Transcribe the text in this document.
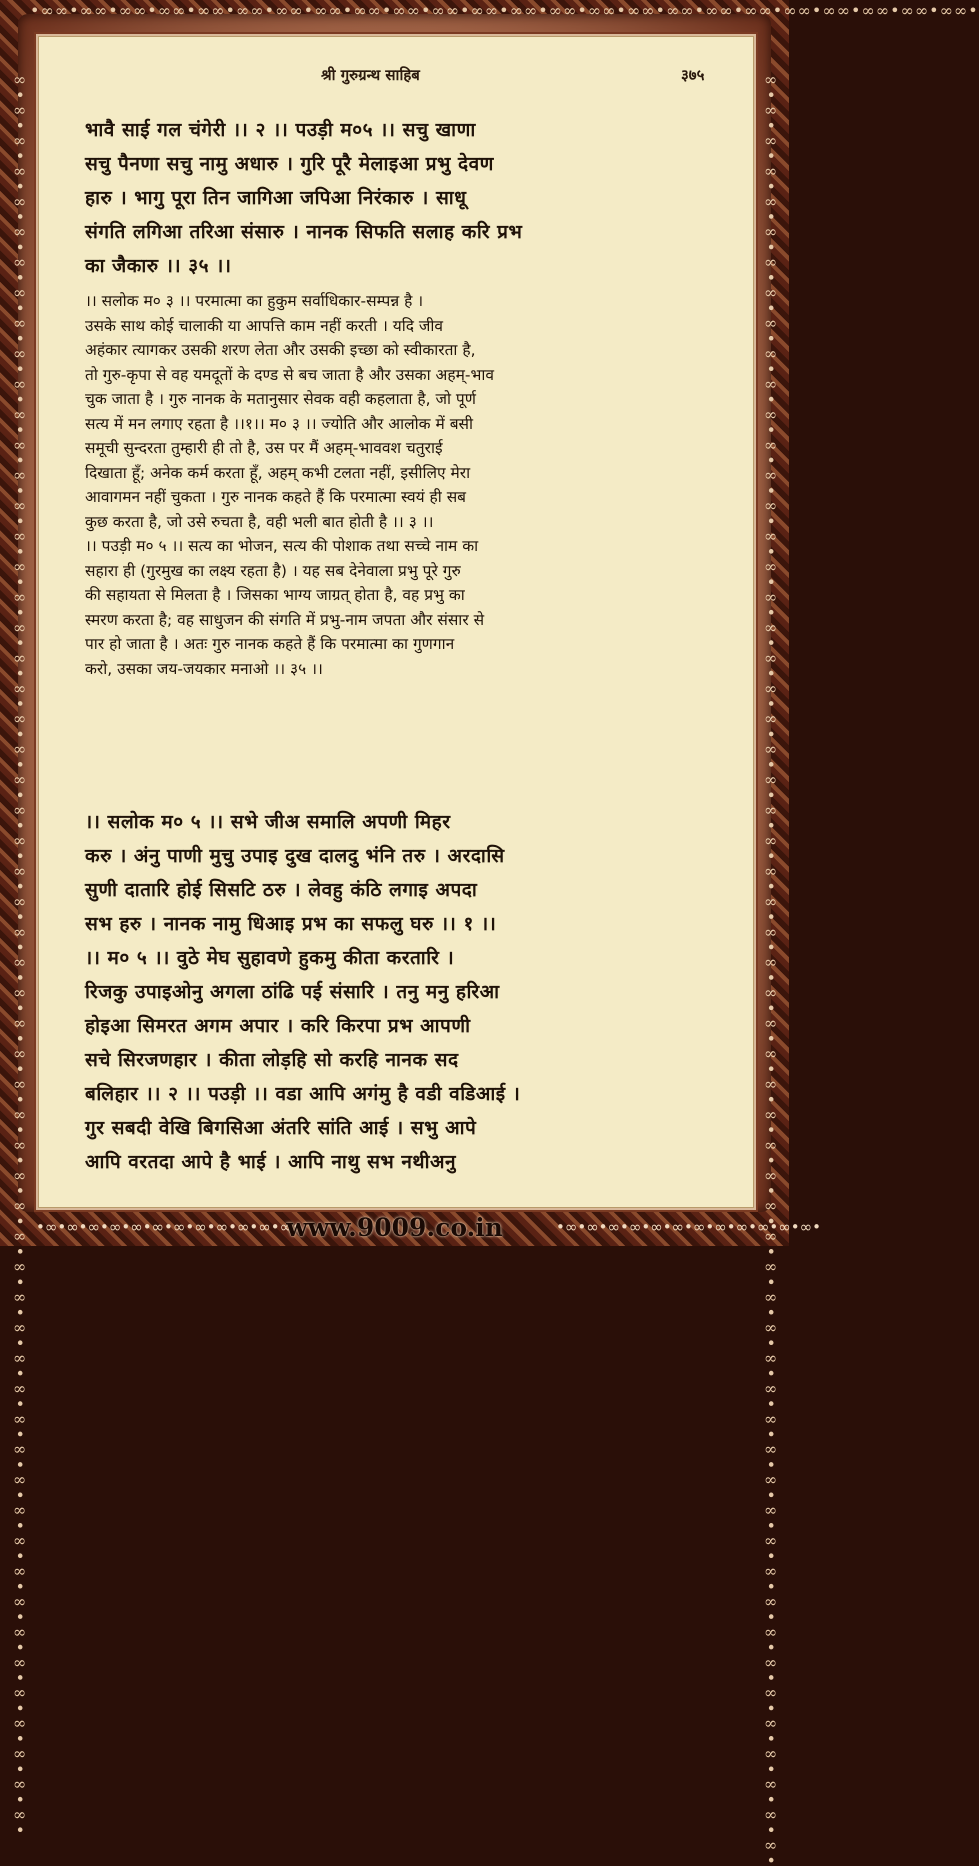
•∞∞•∞∞•∞∞•∞∞•∞∞•∞∞•∞∞•∞∞•∞∞•∞∞•∞∞•∞∞•∞∞•∞∞•∞∞•∞∞•∞∞•∞∞•∞∞•∞∞•∞∞•∞∞•∞∞•∞∞•
∞•∞•∞•∞•∞•∞•∞•∞•∞•∞•∞•∞•∞•∞•∞•∞•∞•∞•∞•∞•∞•∞•∞•∞•∞•∞•∞•∞•∞•∞•∞•∞•∞•∞•∞•∞•∞•∞•∞•∞•∞•∞•∞•∞•∞•∞•∞•∞•∞•∞•∞•∞•∞•∞•∞•∞•∞•∞•	∞•∞•∞•∞•∞•∞•∞•∞•∞•∞•∞•∞•∞•∞•∞•∞•∞•∞•∞•∞•∞•∞•∞•∞•∞•∞•∞•∞•∞•∞•∞•∞•∞•∞•∞•∞•∞•∞•∞•∞•∞•∞•∞•∞•∞•∞•∞•∞•∞•∞•∞•∞•∞•∞•∞•∞•∞•∞•∞•
श्री गुरुग्रन्थ साहिब	३७५

भावै साई गल चंगेरी ।। २ ।। पउड़ी म०५ ।। सचु खाणा

सचु पैनणा सचु नामु अधारु । गुरि पूरै मेलाइआ प्रभु देवण

हारु । भागु पूरा तिन जागिआ जपिआ निरंकारु । साधू

संगति लगिआ तरिआ संसारु । नानक सिफति सलाह करि प्रभ

का जैकारु ।। ३५ ।।

।। सलोक म० ३ ।। परमात्मा का हुकुम सर्वाधिकार-सम्पन्न है ।

उसके साथ कोई चालाकी या आपत्ति काम नहीं करती । यदि जीव

अहंकार त्यागकर उसकी शरण लेता और उसकी इच्छा को स्वीकारता है,

तो गुरु-कृपा से वह यमदूतों के दण्ड से बच जाता है और उसका अहम्-भाव

चुक जाता है । गुरु नानक के मतानुसार सेवक वही कहलाता है, जो पूर्ण

सत्य में मन लगाए रहता है ।।१।। म० ३ ।। ज्योति और आलोक में बसी

समूची सुन्दरता तुम्हारी ही तो है, उस पर मैं अहम्-भाववश चतुराई

दिखाता हूँ; अनेक कर्म करता हूँ, अहम् कभी टलता नहीं, इसीलिए मेरा

आवागमन नहीं चुकता । गुरु नानक कहते हैं कि परमात्मा स्वयं ही सब

कुछ करता है, जो उसे रुचता है, वही भली बात होती है ।। ३ ।।

।। पउड़ी म० ५ ।। सत्य का भोजन, सत्य की पोशाक तथा सच्चे नाम का

सहारा ही (गुरमुख का लक्ष्य रहता है) । यह सब देनेवाला प्रभु पूरे गुरु

की सहायता से मिलता है । जिसका भाग्य जाग्रत् होता है, वह प्रभु का

स्मरण करता है; वह साधुजन की संगति में प्रभु-नाम जपता और संसार से

पार हो जाता है । अतः गुरु नानक कहते हैं कि परमात्मा का गुणगान

करो, उसका जय-जयकार मनाओ ।। ३५ ।।

।। सलोक म० ५ ।। सभे जीअ समालि अपणी मिहर

करु । अंनु पाणी मुचु उपाइ दुख दालदु भंनि तरु । अरदासि

सुणी दातारि होई सिसटि ठरु । लेवहु कंठि लगाइ अपदा

सभ हरु । नानक नामु धिआइ प्रभ का सफलु घरु ।। १ ।।

।। म० ५ ।। वुठे मेघ सुहावणे हुकमु कीता करतारि ।

रिजकु उपाइओनु अगला ठांढि पई संसारि । तनु मनु हरिआ

होइआ सिमरत अगम अपार । करि किरपा प्रभ आपणी

सचे सिरजणहार । कीता लोड़हि सो करहि नानक सद

बलिहार ।। २ ।। पउड़ी ।। वडा आपि अगंमु है वडी वडिआई ।

गुर सबदी वेखि बिगसिआ अंतरि सांति आई । सभु आपे

आपि वरतदा आपे है भाई । आपि नाथु सभ नथीअनु

•∞•∞•∞•∞•∞•∞•∞•∞•∞•∞•∞•∞•
www.9009.co.in	•∞•∞•∞•∞•∞•∞•∞•∞•∞•∞•∞•∞•
